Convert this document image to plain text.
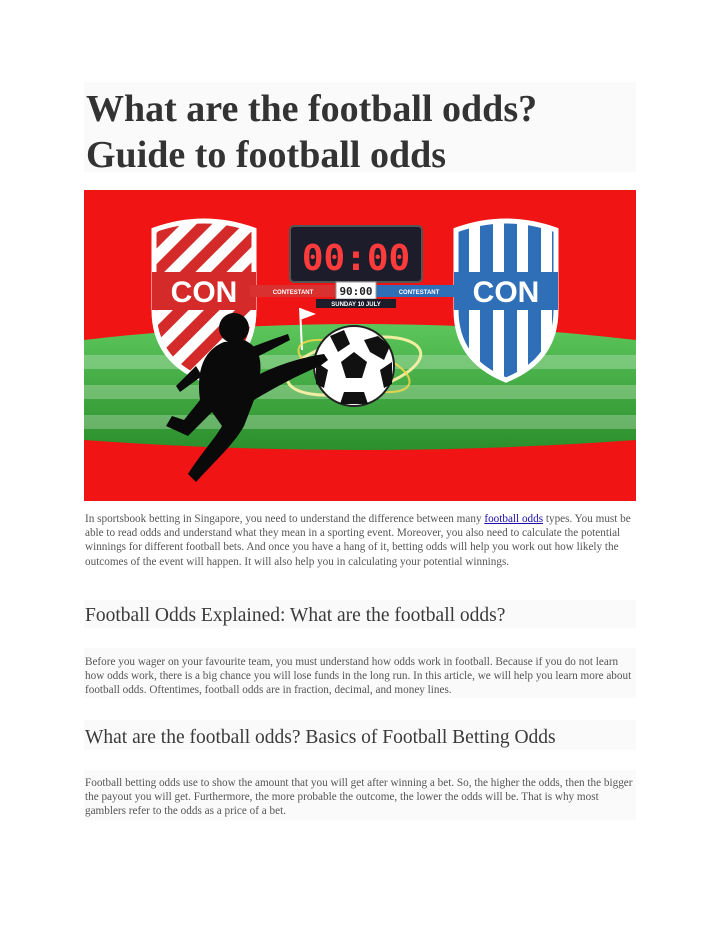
What are the football odds?
Guide to football odds
CON	CON
00:00
CONTESTANT	CONTESTANT
90:00
SUNDAY 10 JULY

In sportsbook betting in Singapore, you need to understand the difference between many football odds types. You must be able to read odds and understand what they mean in a sporting event. Moreover, you also need to calculate the potential winnings for different football bets. And once you have a hang of it, betting odds will help you work out how likely the outcomes of the event will happen. It will also help you in calculating your potential winnings.

Football Odds Explained: What are the football odds?

Before you wager on your favourite team, you must understand how odds work in football. Because if you do not learn how odds work, there is a big chance you will lose funds in the long run. In this article, we will help you learn more about football odds. Oftentimes, football odds are in fraction, decimal, and money lines.

What are the football odds? Basics of Football Betting Odds

Football betting odds use to show the amount that you will get after winning a bet. So, the higher the odds, then the bigger the payout you will get. Furthermore, the more probable the outcome, the lower the odds will be. That is why most gamblers refer to the odds as a price of a bet.
